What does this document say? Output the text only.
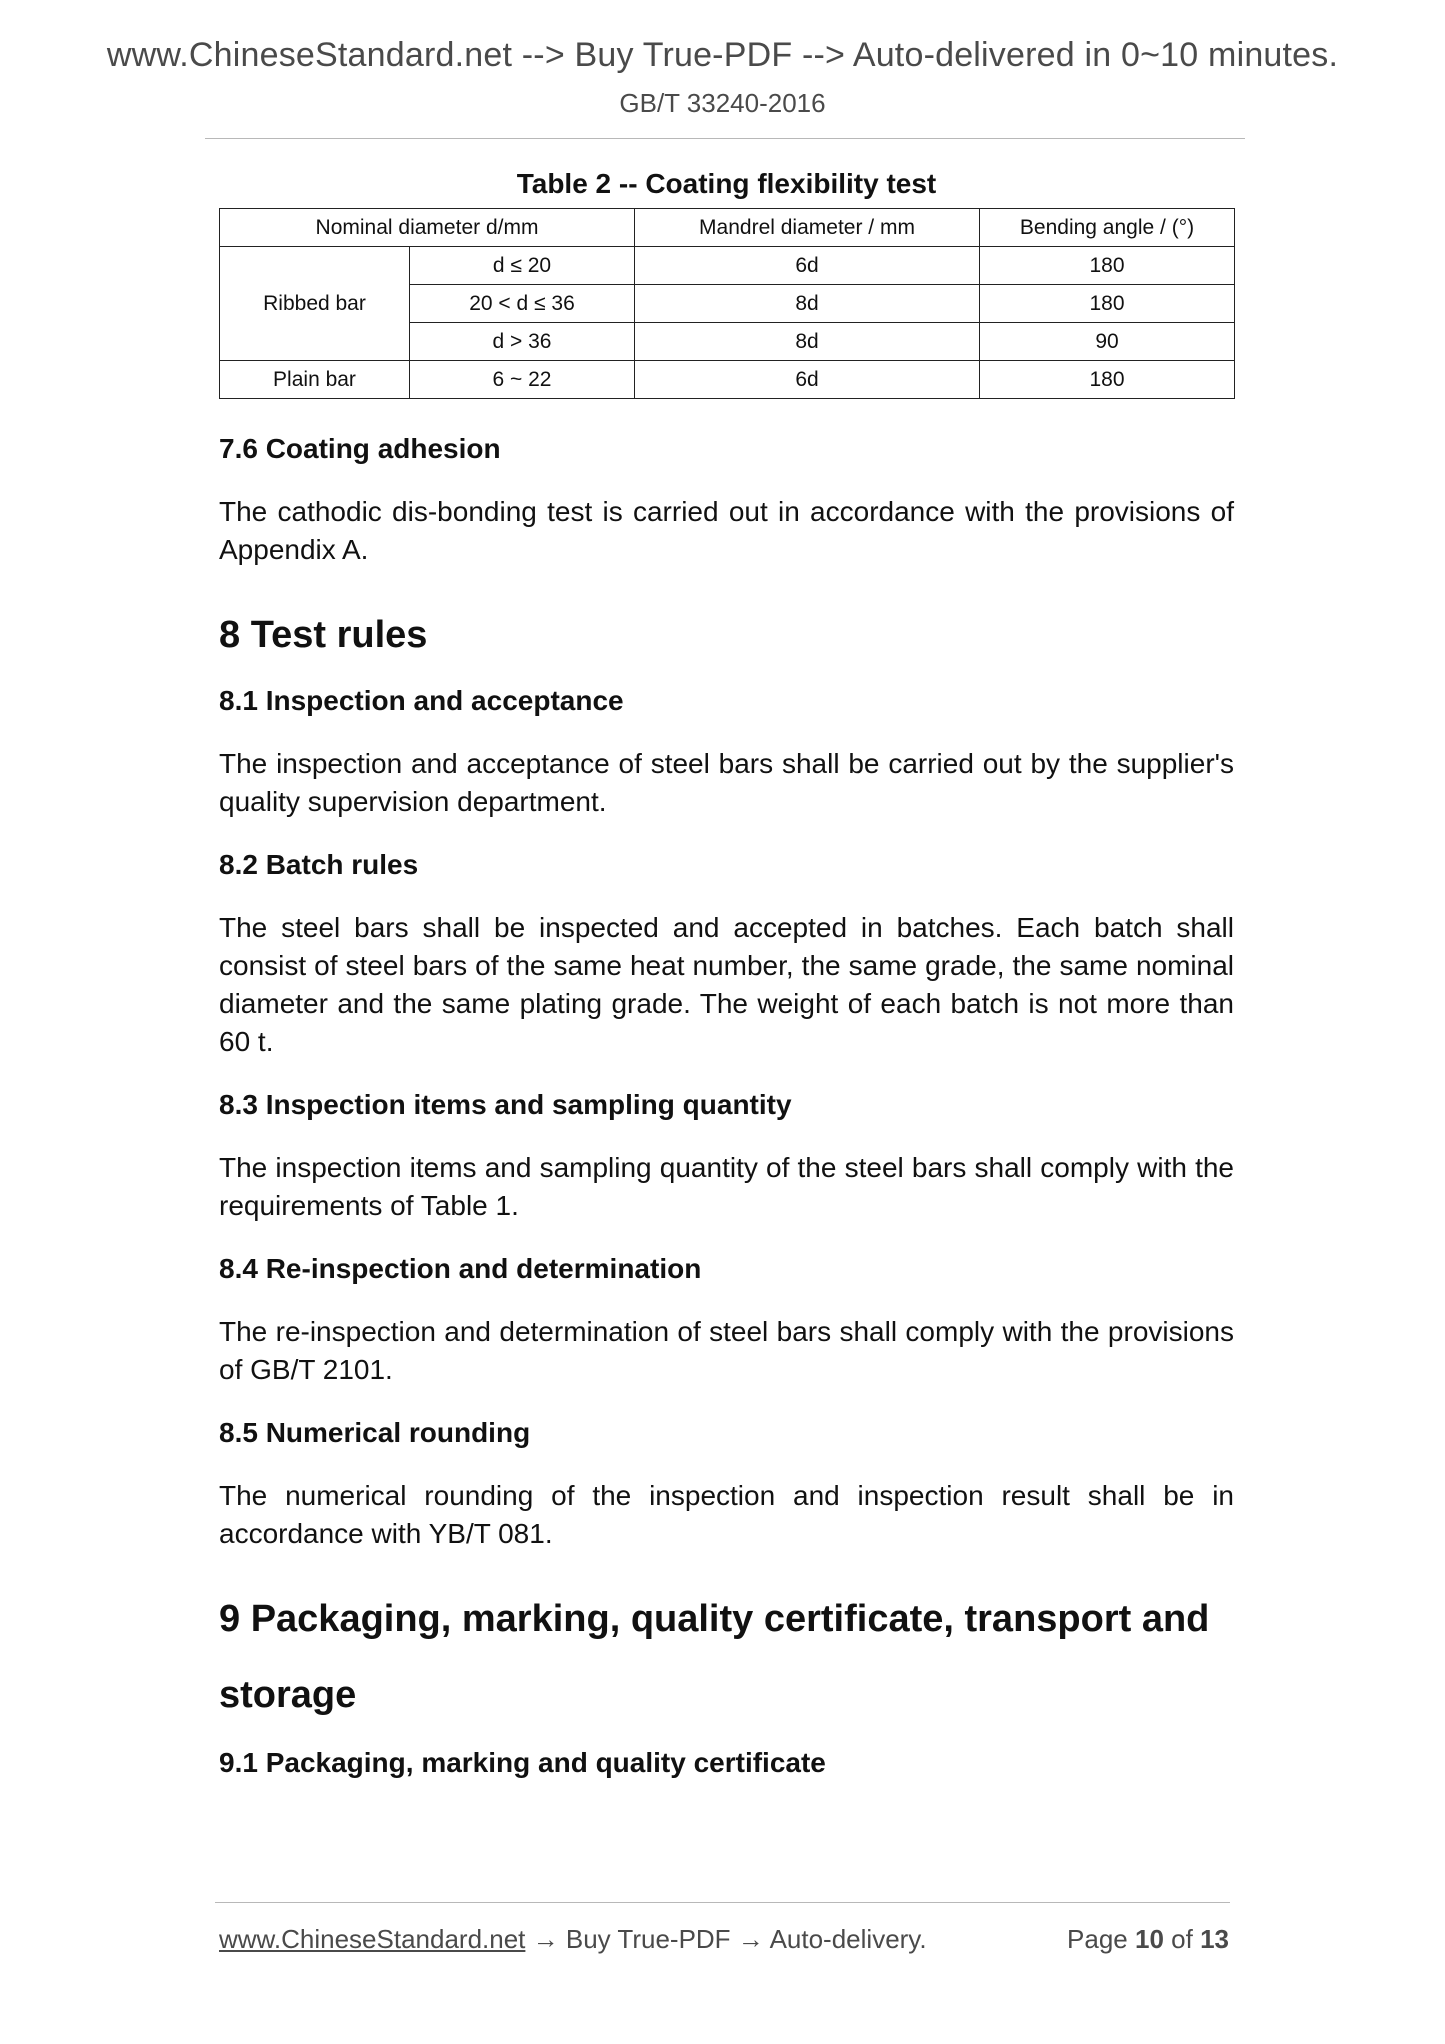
www.ChineseStandard.net --> Buy True-PDF --> Auto-delivered in 0~10 minutes.
GB/T 33240-2016
Table 2 -- Coating flexibility test
Nominal diameter d/mm		Mandrel diameter / mm	Bending angle / (°)
Ribbed bar	d ≤ 20	6d	180
	20 < d ≤ 36	8d	180
	d > 36	8d	90
Plain bar	6 ~ 22	6d	180
7.6 Coating adhesion
The cathodic dis-bonding test is carried out in accordance with the provisions of Appendix A.
8 Test rules
8.1 Inspection and acceptance
The inspection and acceptance of steel bars shall be carried out by the supplier's quality supervision department.
8.2 Batch rules
The steel bars shall be inspected and accepted in batches. Each batch shall consist of steel bars of the same heat number, the same grade, the same nominal diameter and the same plating grade. The weight of each batch is not more than 60 t.
8.3 Inspection items and sampling quantity
The inspection items and sampling quantity of the steel bars shall comply with the requirements of Table 1.
8.4 Re-inspection and determination
The re-inspection and determination of steel bars shall comply with the provisions of GB/T 2101.
8.5 Numerical rounding
The numerical rounding of the inspection and inspection result shall be in accordance with YB/T 081.
9 Packaging, marking, quality certificate, transport and storage
9.1 Packaging, marking and quality certificate
www.ChineseStandard.net → Buy True-PDF → Auto-delivery.	Page 10 of 13
